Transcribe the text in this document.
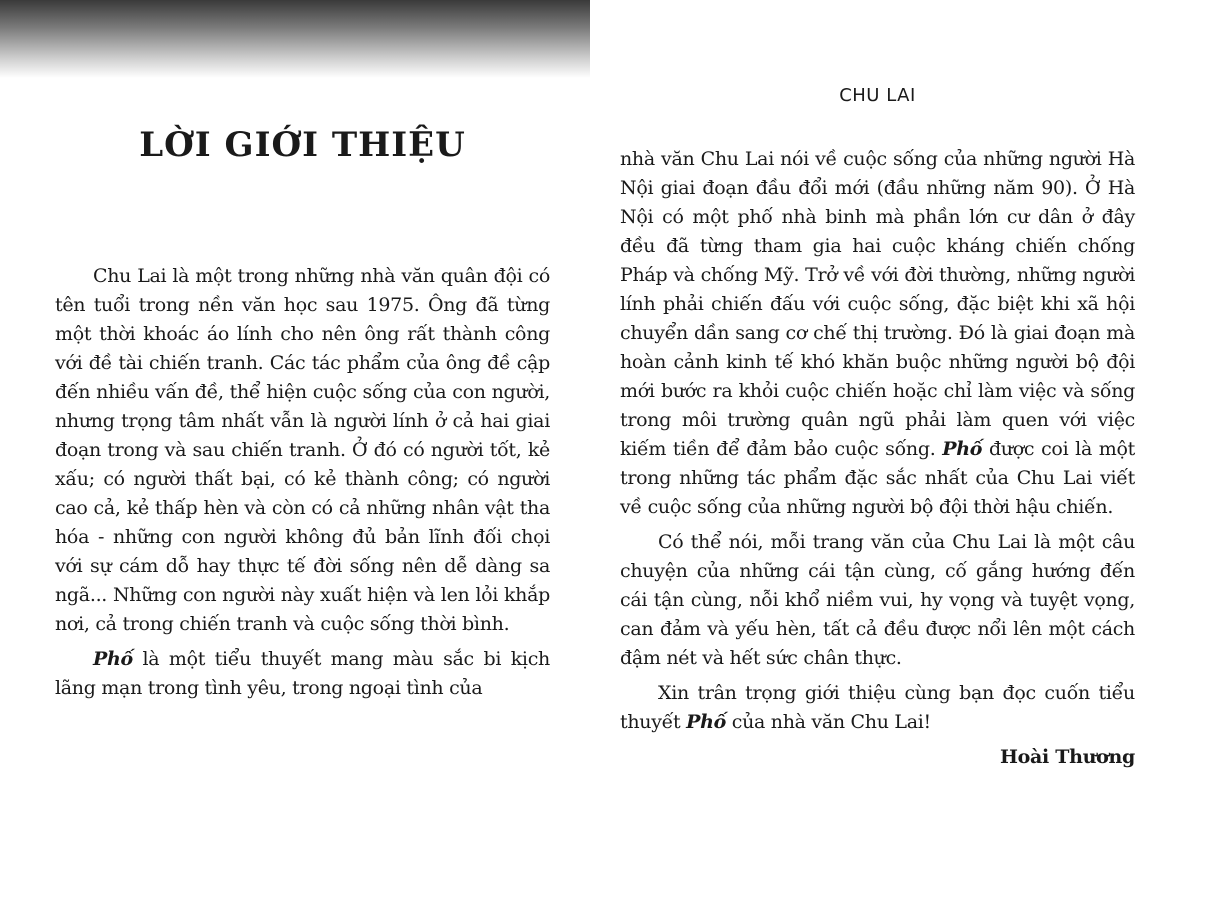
LỜI GIỚI THIỆU

Chu Lai là một trong những nhà văn quân đội có tên tuổi trong nền văn học sau 1975. Ông đã từng một thời khoác áo lính cho nên ông rất thành công với đề tài chiến tranh. Các tác phẩm của ông đề cập đến nhiều vấn đề, thể hiện cuộc sống của con người, nhưng trọng tâm nhất vẫn là người lính ở cả hai giai đoạn trong và sau chiến tranh. Ở đó có người tốt, kẻ xấu; có người thất bại, có kẻ thành công; có người cao cả, kẻ thấp hèn và còn có cả những nhân vật tha hóa - những con người không đủ bản lĩnh đối chọi với sự cám dỗ hay thực tế đời sống nên dễ dàng sa ngã... Những con người này xuất hiện và len lỏi khắp nơi, cả trong chiến tranh và cuộc sống thời bình.

Phố là một tiểu thuyết mang màu sắc bi kịch lãng mạn trong tình yêu, trong ngoại tình của

CHU LAI

nhà văn Chu Lai nói về cuộc sống của những người Hà Nội giai đoạn đầu đổi mới (đầu những năm 90). Ở Hà Nội có một phố nhà binh mà phần lớn cư dân ở đây đều đã từng tham gia hai cuộc kháng chiến chống Pháp và chống Mỹ. Trở về với đời thường, những người lính phải chiến đấu với cuộc sống, đặc biệt khi xã hội chuyển dần sang cơ chế thị trường. Đó là giai đoạn mà hoàn cảnh kinh tế khó khăn buộc những người bộ đội mới bước ra khỏi cuộc chiến hoặc chỉ làm việc và sống trong môi trường quân ngũ phải làm quen với việc kiếm tiền để đảm bảo cuộc sống. Phố được coi là một trong những tác phẩm đặc sắc nhất của Chu Lai viết về cuộc sống của những người bộ đội thời hậu chiến.

Có thể nói, mỗi trang văn của Chu Lai là một câu chuyện của những cái tận cùng, cố gắng hướng đến cái tận cùng, nỗi khổ niềm vui, hy vọng và tuyệt vọng, can đảm và yếu hèn, tất cả đều được nổi lên một cách đậm nét và hết sức chân thực.

Xin trân trọng giới thiệu cùng bạn đọc cuốn tiểu thuyết Phố của nhà văn Chu Lai!

Hoài Thương
